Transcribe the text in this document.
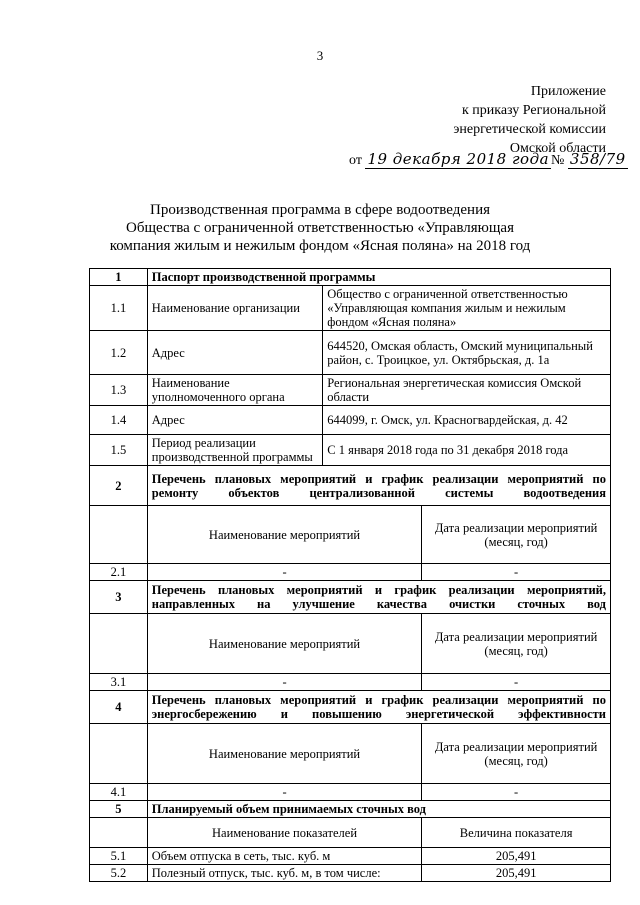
3
Приложение
к приказу Региональной
энергетической комиссии
Омской области
от 19 декабря 2018 года № 358/79
Производственная программа в сфере водоотведения
Общества с ограниченной ответственностью «Управляющая
компания жилым и нежилым фондом «Ясная поляна» на 2018 год
1	Паспорт производственной программы		
1.1	Наименование организации	Общество с ограниченной ответственностью «Управляющая компания жилым и нежилым фондом «Ясная поляна»	
1.2	Адрес	644520, Омская область, Омский муниципальный район, с. Троицкое, ул. Октябрьская, д. 1а	
1.3	Наименование уполномоченного органа	Региональная энергетическая комиссия Омской области	
1.4	Адрес	644099, г. Омск, ул. Красногвардейская, д. 42	
1.5	Период реализации производственной программы	С 1 января 2018 года по 31 декабря 2018 года	
2	Перечень плановых мероприятий и график реализации мероприятий по ремонту объектов централизованной системы водоотведения		
	Наименование мероприятий		Дата реализации мероприятий (месяц, год)
2.1	-		-
3	Перечень плановых мероприятий и график реализации мероприятий, направленных на улучшение качества очистки сточных вод		
	Наименование мероприятий		Дата реализации мероприятий (месяц, год)
3.1	-		-
4	Перечень плановых мероприятий и график реализации мероприятий по энергосбережению и повышению энергетической эффективности		
	Наименование мероприятий		Дата реализации мероприятий (месяц, год)
4.1	-		-
5	Планируемый объем принимаемых сточных вод		
	Наименование показателей		Величина показателя
5.1	Объем отпуска в сеть, тыс. куб. м		205,491
5.2	Полезный отпуск, тыс. куб. м, в том числе:		205,491
